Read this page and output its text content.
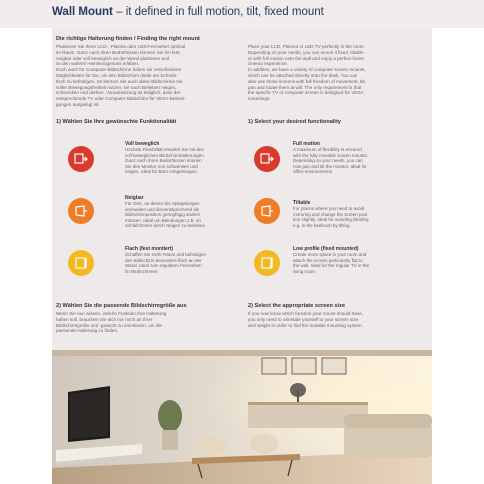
Wall Mount – it defined in full motion, tilt, fixed mount
Die richtige Halterung finden / Finding the right mount
Platzieren Sie Ihren LCD-, Plasma oder LED-Fernseher optimal
im Raum. Ganz nach Ihren Bedürfnissen können Sie ihn fest,
neigbar oder voll beweglich an der Wand platzieren und
so den wahren Heimkinogenuss erleben.
Doch auch für Computer-Bildschirme haben wir verschiedene
Möglichkeiten für Sie, um den Bildschirm direkt am Schreib-
tisch zu befestigen. So können Sie auch diese Bildschirme mit
voller Bewegungsfreiheit nutzen, sie nach Belieben neigen,
schwenken und drehen. Voraussetzung ist lediglich, dass der
entsprechende TV oder Computer-Bildschirm für VESA-Befesti-
gungen ausgelegt ist.
Place your LCD, Plasma or LED TV perfectly in the room.
Depending on your needs, you can mount it fixed, tiltable
or with full motion onto the wall and enjoy a perfect home
cinema experience.
In addition, we have a variety of computer screen mounts,
which can be attached directly onto the desk. You can
also use these screens with full freedom of movement, tilt,
pan and rotate them at will. The only requirement is that
the specific TV or computer screen is designed for VESA
mountings.
1) Wählen Sie Ihre gewünschte Funktionalität	1) Select your desired functionality
Voll beweglich
Höchste Flexibilität erwartet Sie mit den
voll beweglichen Bildschirmhalterungen.
Ganz nach Ihren Bedürfnissen können
Sie den Monitor nun schwenken und
neigen. Ideal für Büro-Umgebungen.
Full motion
A maximum of flexibility is ensured
with the fully movable screen mounts.
Depending on your needs, you can
now pan and tilt the monitor. Ideal for
office environments.
Neigbar
Für Orte, an denen Sie Spiegelungen
vermeiden und dementsprechend die
Bildschirmposition geringfügig ändern
müssen. Ideal um Blendungen z.B. im
Schlafzimmer durch Neigen zu beheben.
Tiltable
For places where you need to avoid
mirroring and change the screen posi-
tion slightly. Ideal for avoiding blinding
e.g. in the bedroom by tilting.
Flach (fest montiert)
Schaffen Sie mehr Raum und befestigen
den Bildschirm besonders flach an der
Wand. Ideal zum regulären Fernsehen
im Wohnzimmer.
Low profile (fixed mounted)
Create more space in your room and
attach the screen particularly flat to
the wall. Ideal for the regular TV in the
living room.
2) Wählen Sie die passende Bildschirmgröße aus
Wenn Sie nun wissen, welche Funktion Ihre Halterung
haben soll, brauchen Sie sich nur noch an Ihrer
Bildschirmgröße und -gewicht zu orientieren, um die
passende Halterung zu finden.
2) Select the appropriate screen size
If you now know which function your mount should have,
you only need to orientate yourself to your screen size
and weight in order to find the suitable mounting system.
